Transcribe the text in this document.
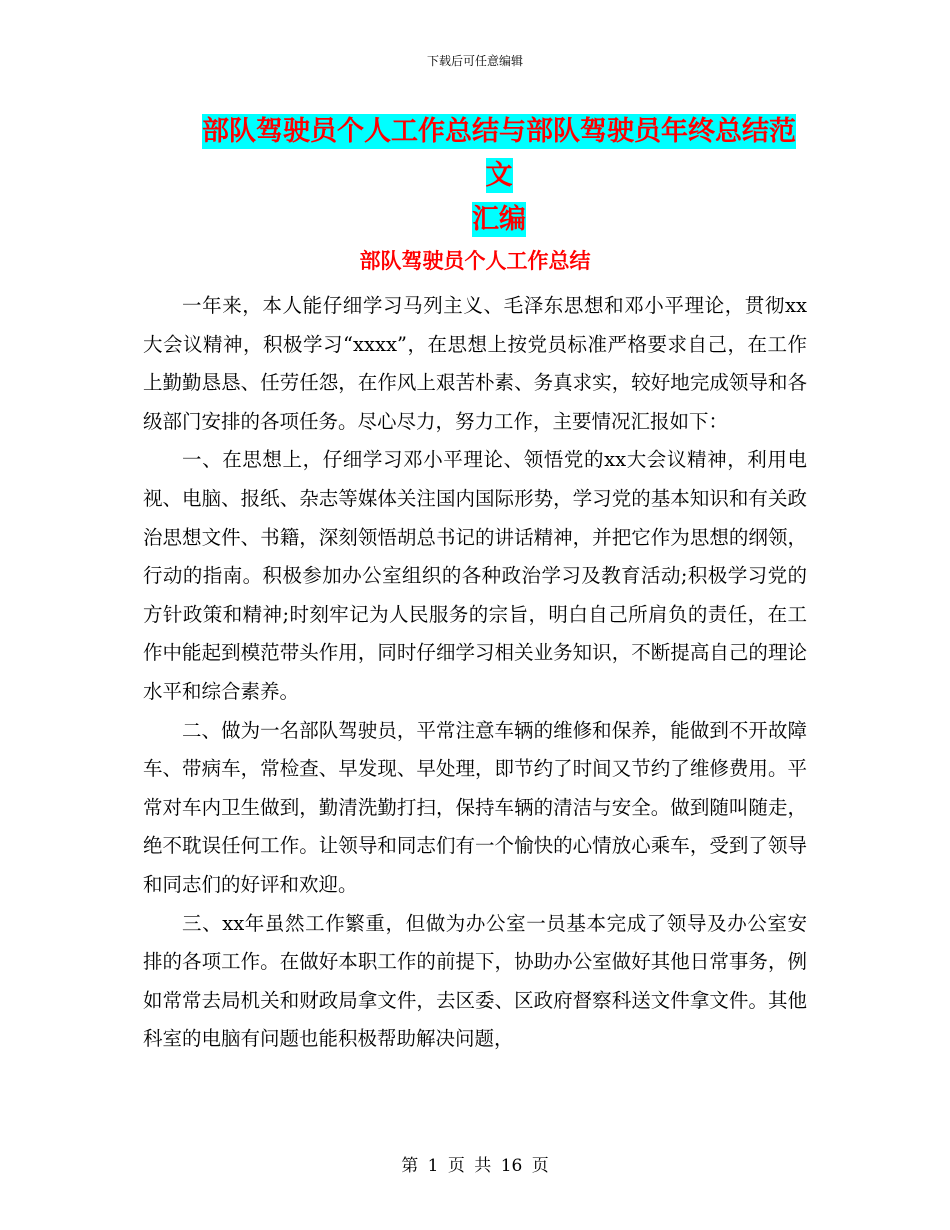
下载后可任意编辑
部队驾驶员个人工作总结与部队驾驶员年终总结范文
汇编
部队驾驶员个人工作总结

一年来，本人能仔细学习马列主义、毛泽东思想和邓小平理论，贯彻xx大会议精神，积极学习“xxxx”，在思想上按党员标准严格要求自己，在工作上勤勤恳恳、任劳任怨，在作风上艰苦朴素、务真求实，较好地完成领导和各级部门安排的各项任务。尽心尽力，努力工作，主要情况汇报如下：

一、在思想上，仔细学习邓小平理论、领悟党的xx大会议精神，利用电视、电脑、报纸、杂志等媒体关注国内国际形势，学习党的基本知识和有关政治思想文件、书籍，深刻领悟胡总书记的讲话精神，并把它作为思想的纲领，行动的指南。积极参加办公室组织的各种政治学习及教育活动;积极学习党的方针政策和精神;时刻牢记为人民服务的宗旨，明白自己所肩负的责任，在工作中能起到模范带头作用，同时仔细学习相关业务知识，不断提高自己的理论水平和综合素养。

二、做为一名部队驾驶员，平常注意车辆的维修和保养，能做到不开故障车、带病车，常检查、早发现、早处理，即节约了时间又节约了维修费用。平常对车内卫生做到，勤清洗勤打扫，保持车辆的清洁与安全。做到随叫随走，绝不耽误任何工作。让领导和同志们有一个愉快的心情放心乘车，受到了领导和同志们的好评和欢迎。

三、xx年虽然工作繁重，但做为办公室一员基本完成了领导及办公室安排的各项工作。在做好本职工作的前提下，协助办公室做好其他日常事务，例如常常去局机关和财政局拿文件，去区委、区政府督察科送文件拿文件。其他科室的电脑有问题也能积极帮助解决问题，

第 1 页 共 16 页
